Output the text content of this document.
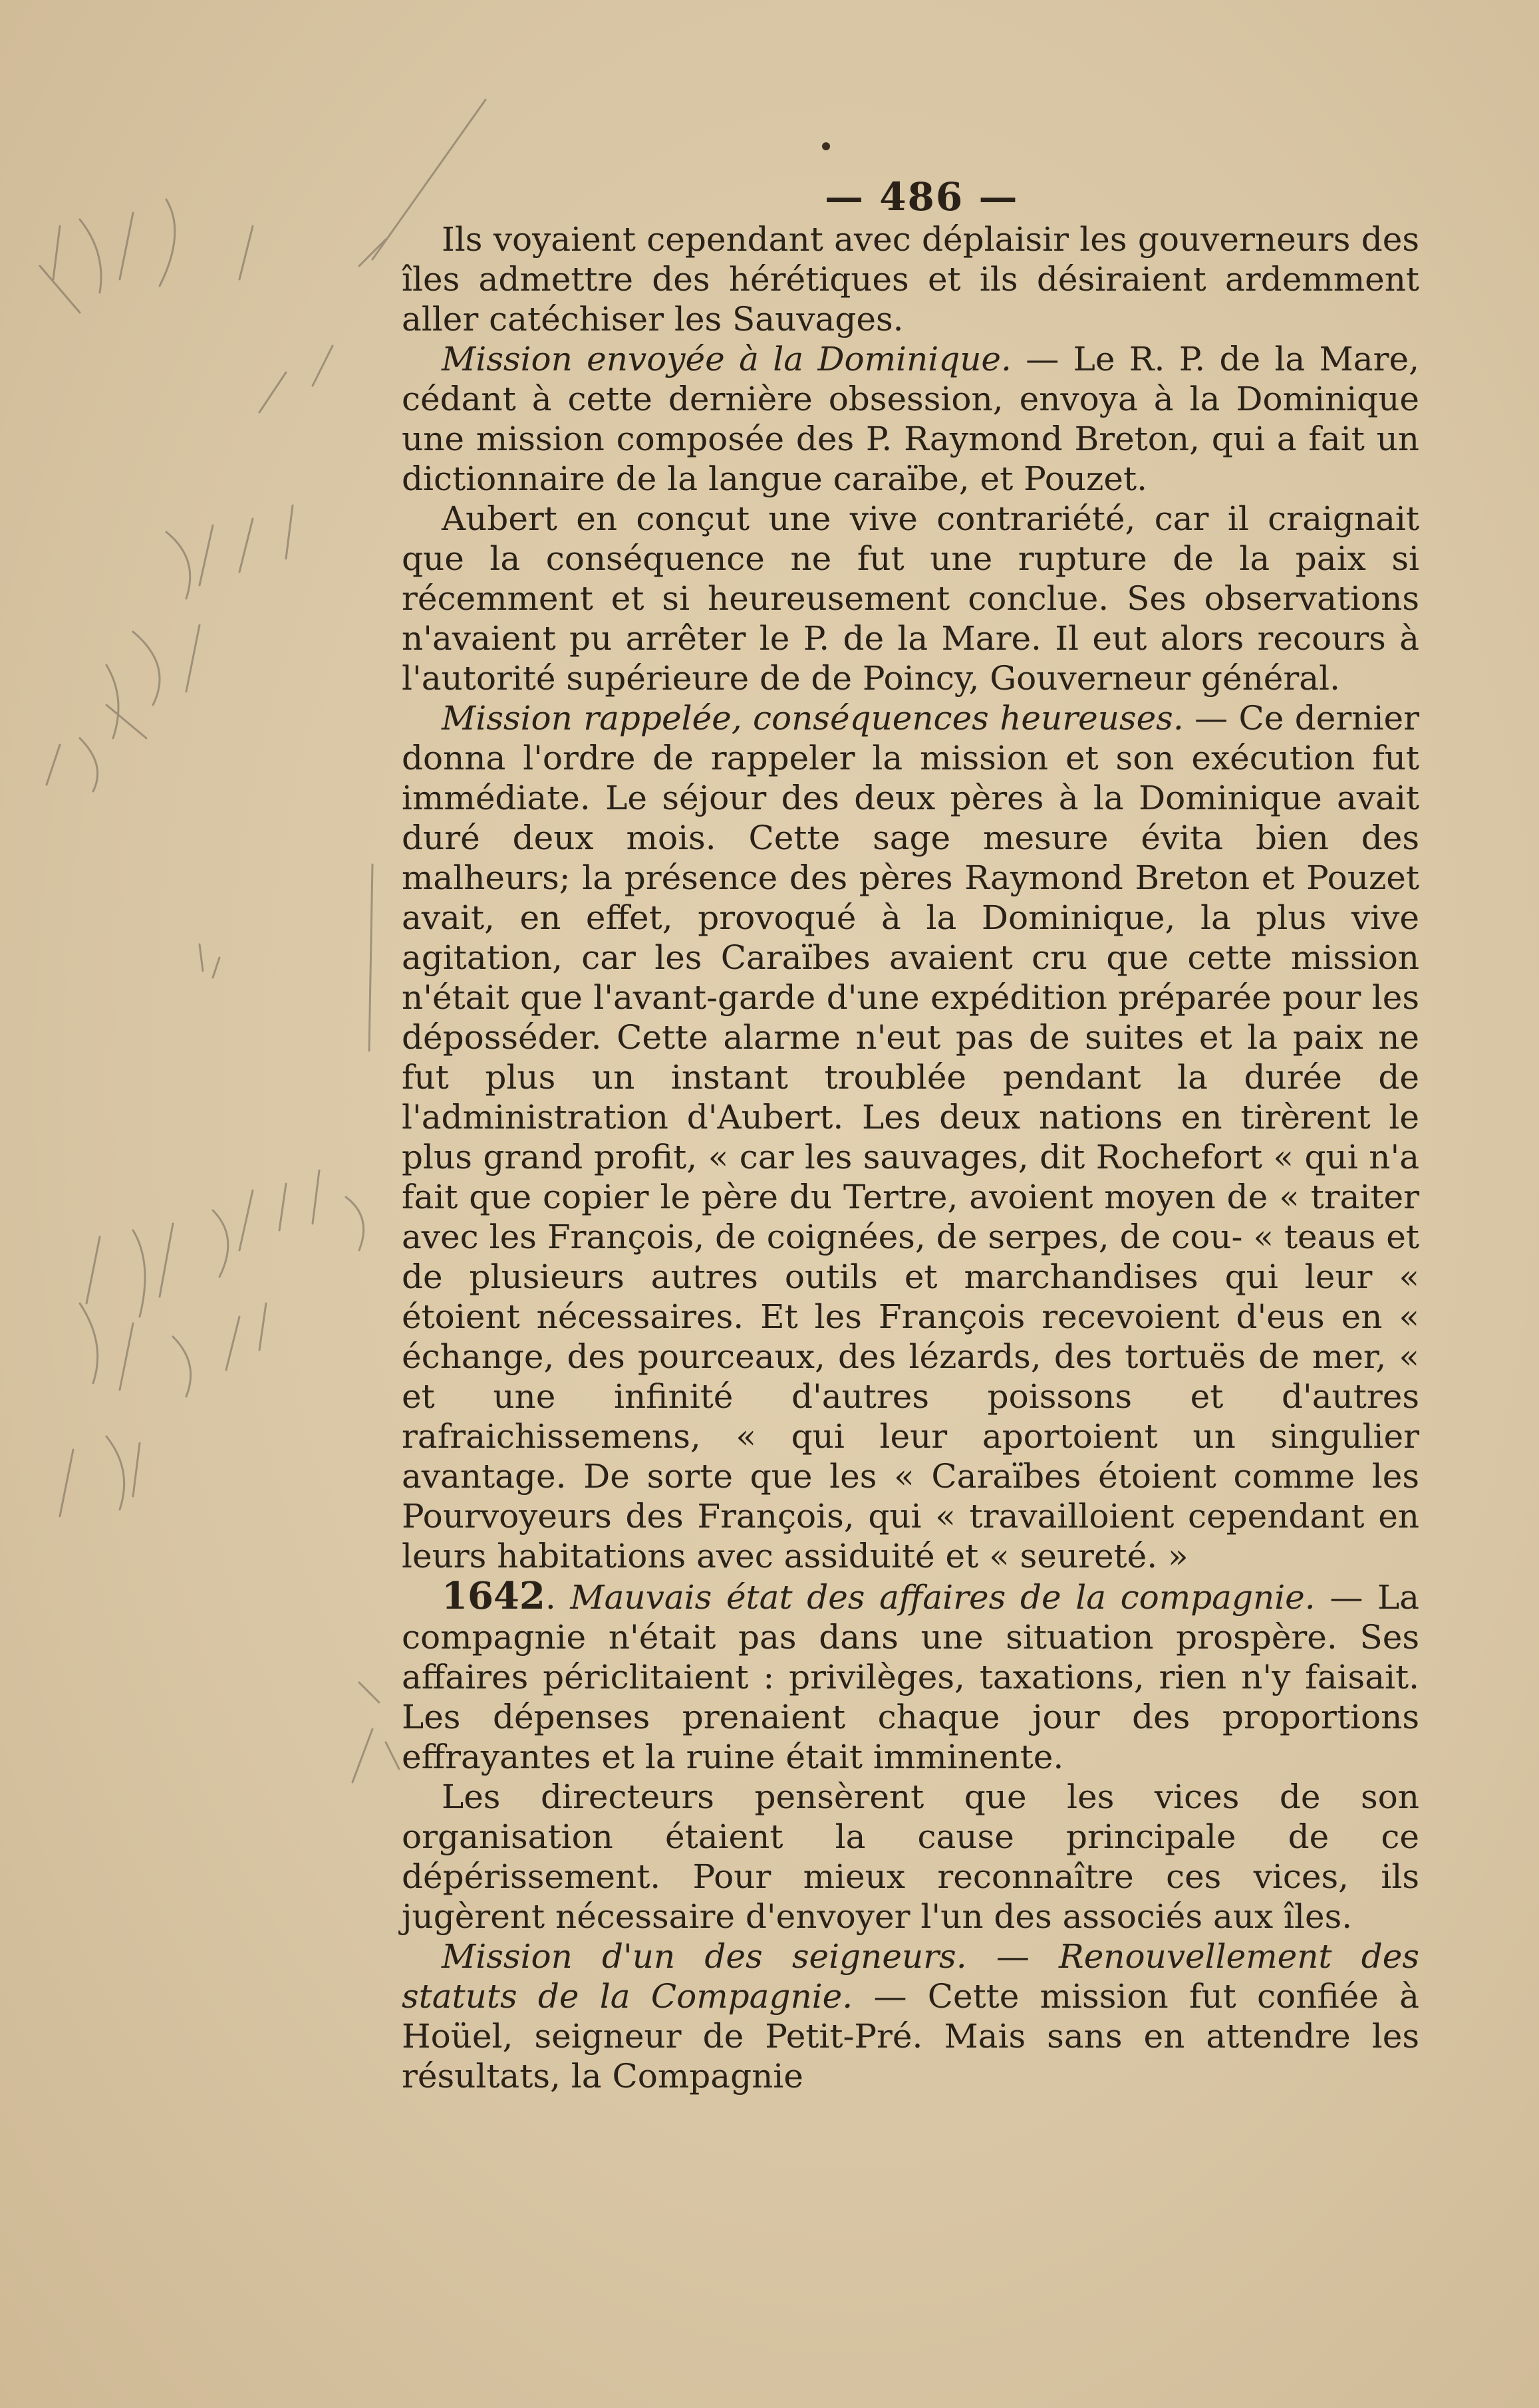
— 486 —

Ils voyaient cependant avec déplaisir les gouverneurs des îles admettre des hérétiques et ils désiraient ardemment aller catéchiser les Sauvages.

Mission envoyée à la Dominique. — Le R. P. de la Mare, cédant à cette dernière obsession, envoya à la Dominique une mission composée des P. Raymond Breton, qui a fait un dictionnaire de la langue caraïbe, et Pouzet.

Aubert en conçut une vive contrariété, car il craignait que la conséquence ne fut une rupture de la paix si récemment et si heureusement conclue. Ses observations n'avaient pu arrêter le P. de la Mare. Il eut alors recours à l'autorité supérieure de de Poincy, Gouverneur général.

Mission rappelée, conséquences heureuses. — Ce dernier donna l'ordre de rappeler la mission et son exécution fut immédiate. Le séjour des deux pères à la Dominique avait duré deux mois. Cette sage mesure évita bien des malheurs; la présence des pères Raymond Breton et Pouzet avait, en effet, provoqué à la Dominique, la plus vive agitation, car les Caraïbes avaient cru que cette mission n'était que l'avant-garde d'une expédition préparée pour les déposséder. Cette alarme n'eut pas de suites et la paix ne fut plus un instant troublée pendant la durée de l'administration d'Aubert. Les deux nations en tirèrent le plus grand profit, « car les sauvages, dit Rochefort « qui n'a fait que copier le père du Tertre, avoient moyen de « traiter avec les François, de coignées, de serpes, de cou- « teaus et de plusieurs autres outils et marchandises qui leur « étoient nécessaires. Et les François recevoient d'eus en « échange, des pourceaux, des lézards, des tortuës de mer, « et une infinité d'autres poissons et d'autres rafraichissemens, « qui leur aportoient un singulier avantage. De sorte que les « Caraïbes étoient comme les Pourvoyeurs des François, qui « travailloient cependant en leurs habitations avec assiduité et « seureté. »

1642. Mauvais état des affaires de la compagnie. — La compagnie n'était pas dans une situation prospère. Ses affaires périclitaient : privilèges, taxations, rien n'y faisait. Les dépenses prenaient chaque jour des proportions effrayantes et la ruine était imminente.

Les directeurs pensèrent que les vices de son organisation étaient la cause principale de ce dépérissement. Pour mieux reconnaître ces vices, ils jugèrent nécessaire d'envoyer l'un des associés aux îles.

Mission d'un des seigneurs. — Renouvellement des statuts de la Compagnie. — Cette mission fut confiée à Hoüel, seigneur de Petit-Pré. Mais sans en attendre les résultats, la Compagnie
